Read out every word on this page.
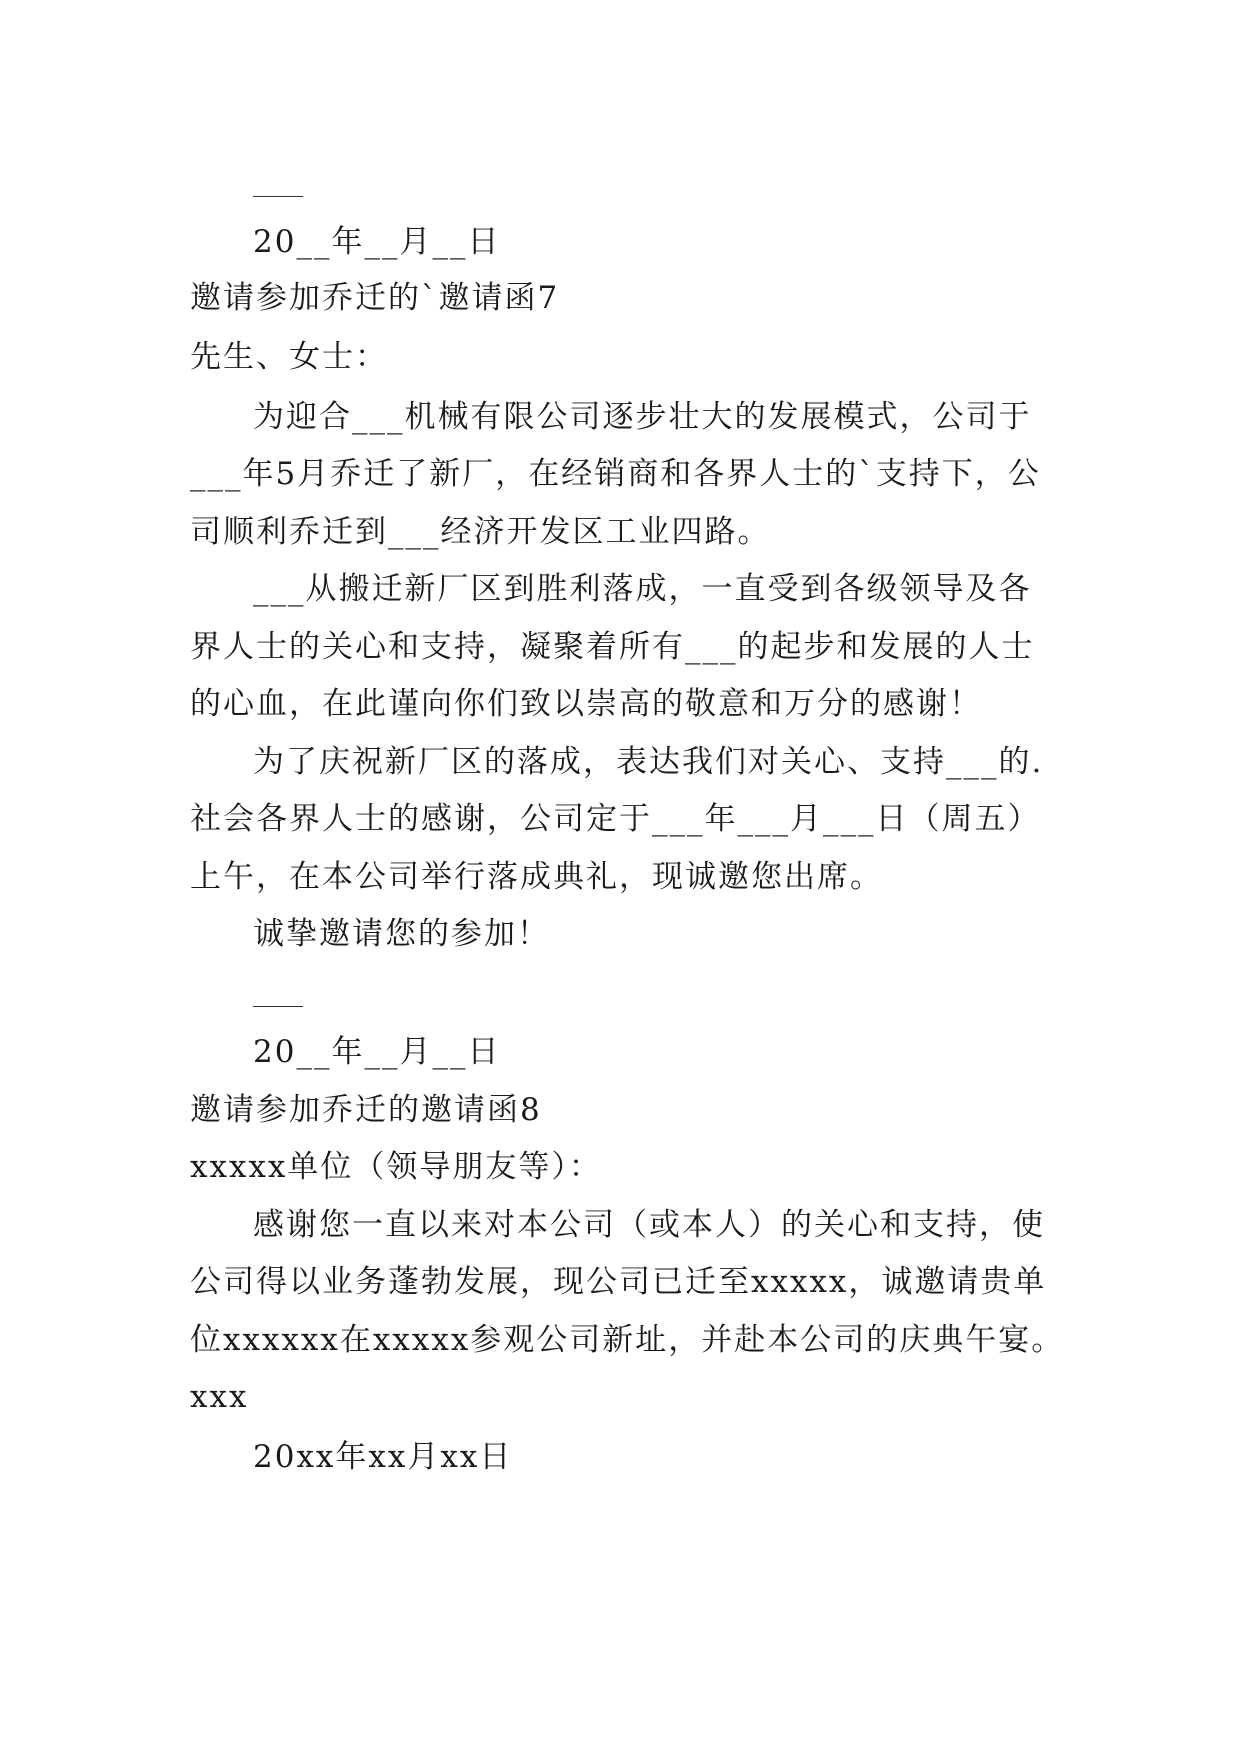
20__年__月__日
邀请参加乔迁的`邀请函7
先生、女士：
为迎合___机械有限公司逐步壮大的发展模式，公司于
___年5月乔迁了新厂，在经销商和各界人士的`支持下，公
司顺利乔迁到___经济开发区工业四路。
___从搬迁新厂区到胜利落成，一直受到各级领导及各
界人士的关心和支持，凝聚着所有___的起步和发展的人士
的心血，在此谨向你们致以崇高的敬意和万分的感谢！
为了庆祝新厂区的落成，表达我们对关心、支持___的.
社会各界人士的感谢，公司定于___年___月___日（周五）
上午，在本公司举行落成典礼，现诚邀您出席。
诚挚邀请您的参加！
20__年__月__日
邀请参加乔迁的邀请函8
xxxxx单位（领导朋友等）：
感谢您一直以来对本公司（或本人）的关心和支持，使
公司得以业务蓬勃发展，现公司已迁至xxxxx，诚邀请贵单
位xxxxxx在xxxxx参观公司新址，并赴本公司的庆典午宴。
xxx
20xx年xx月xx日
